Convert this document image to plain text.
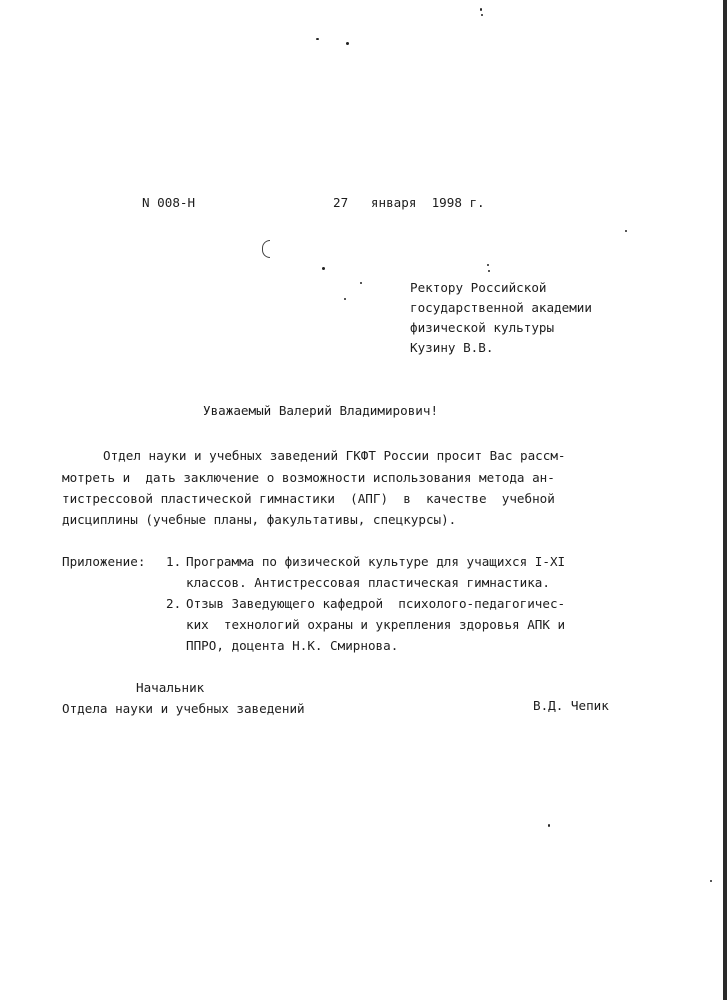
N 008-Н	27   января  1998 г.
Ректору Российской
государственной академии
физической культуры
Кузину В.В.
Уважаемый Валерий Владимирович!
Отдел науки и учебных заведений ГКФТ России просит Вас рассм-
мотреть и  дать заключение о возможности использования метода ан-
тистрессовой пластической гимнастики  (АПГ)  в  качестве  учебной
дисциплины (учебные планы, факультативы, спецкурсы).
Приложение: 1. Программа по физической культуре для учащихся I-XI
классов. Антистрессовая пластическая гимнастика.
2. Отзыв Заведующего кафедрой  психолого-педагогичес-
ких  технологий охраны и укрепления здоровья АПК и
ППРО, доцента Н.К. Смирнова.
Начальник
Отдела науки и учебных заведений	В.Д. Чепик
